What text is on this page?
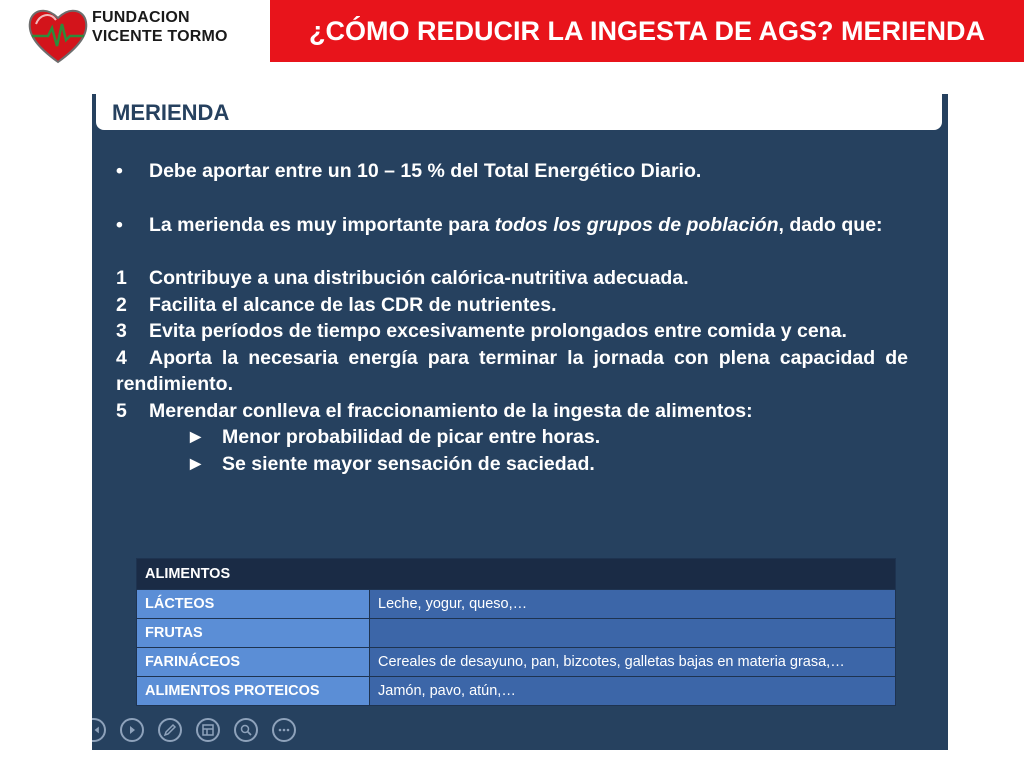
FUNDACION
VICENTE TORMO	¿CÓMO REDUCIR LA INGESTA DE AGS? MERIENDA
MERIENDA

• Debe aportar entre un 10 – 15 % del Total Energético Diario.

• La merienda es muy importante para todos los grupos de población, dado que:

1 Contribuye a una distribución calórica-nutritiva adecuada.

2 Facilita el alcance de las CDR de nutrientes.

3 Evita períodos de tiempo excesivamente prolongados entre comida y cena.

4 Aporta la necesaria energía para terminar la jornada con plena capacidad de rendimiento.

5 Merendar conlleva el fraccionamiento de la ingesta de alimentos:

► Menor probabilidad de picar entre horas.

► Se siente mayor sensación de saciedad.

ALIMENTOS	
LÁCTEOS	Leche, yogur, queso,…
FRUTAS	
FARINÁCEOS	Cereales de desayuno, pan, bizcotes, galletas bajas en materia grasa,…
ALIMENTOS PROTEICOS	Jamón, pavo, atún,…
